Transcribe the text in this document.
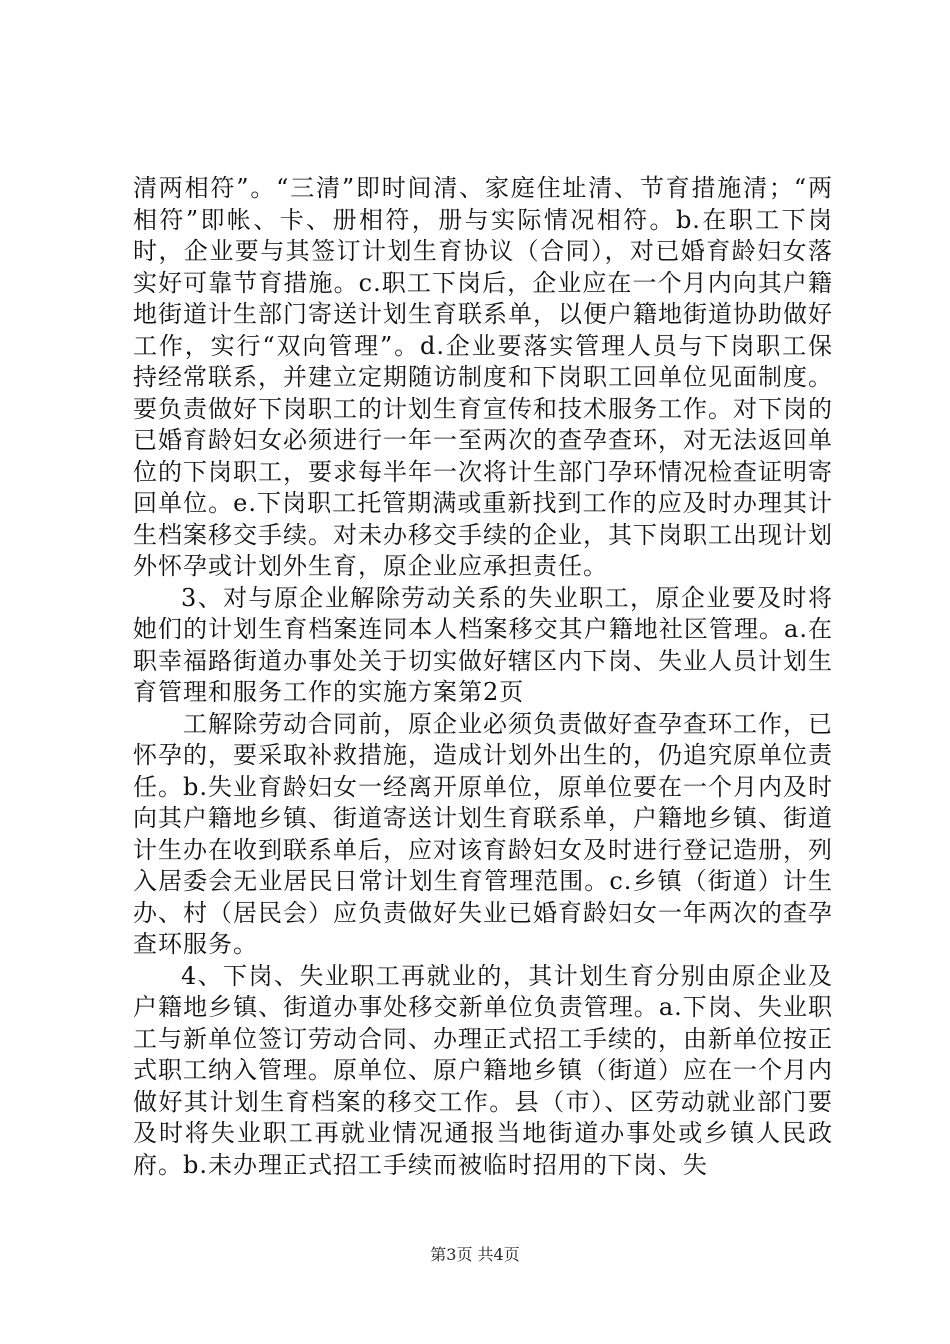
清两相符”。“三清”即时间清、家庭住址清、节育措施清；“两相符”即帐、卡、册相符，册与实际情况相符。b.在职工下岗时，企业要与其签订计划生育协议（合同），对已婚育龄妇女落实好可靠节育措施。c.职工下岗后，企业应在一个月内向其户籍地街道计生部门寄送计划生育联系单，以便户籍地街道协助做好工作，实行“双向管理”。d.企业要落实管理人员与下岗职工保持经常联系，并建立定期随访制度和下岗职工回单位见面制度。要负责做好下岗职工的计划生育宣传和技术服务工作。对下岗的已婚育龄妇女必须进行一年一至两次的查孕查环，对无法返回单位的下岗职工，要求每半年一次将计生部门孕环情况检查证明寄回单位。e.下岗职工托管期满或重新找到工作的应及时办理其计生档案移交手续。对未办移交手续的企业，其下岗职工出现计划外怀孕或计划外生育，原企业应承担责任。

3、对与原企业解除劳动关系的失业职工，原企业要及时将她们的计划生育档案连同本人档案移交其户籍地社区管理。a.在职幸福路街道办事处关于切实做好辖区内下岗、失业人员计划生育管理和服务工作的实施方案第2页

工解除劳动合同前，原企业必须负责做好查孕查环工作，已怀孕的，要采取补救措施，造成计划外出生的，仍追究原单位责任。b.失业育龄妇女一经离开原单位，原单位要在一个月内及时向其户籍地乡镇、街道寄送计划生育联系单，户籍地乡镇、街道计生办在收到联系单后，应对该育龄妇女及时进行登记造册，列入居委会无业居民日常计划生育管理范围。c.乡镇（街道）计生办、村（居民会）应负责做好失业已婚育龄妇女一年两次的查孕查环服务。

4、下岗、失业职工再就业的，其计划生育分别由原企业及户籍地乡镇、街道办事处移交新单位负责管理。a.下岗、失业职工与新单位签订劳动合同、办理正式招工手续的，由新单位按正式职工纳入管理。原单位、原户籍地乡镇（街道）应在一个月内做好其计划生育档案的移交工作。县（市）、区劳动就业部门要及时将失业职工再就业情况通报当地街道办事处或乡镇人民政府。b.未办理正式招工手续而被临时招用的下岗、失

第3页 共4页
